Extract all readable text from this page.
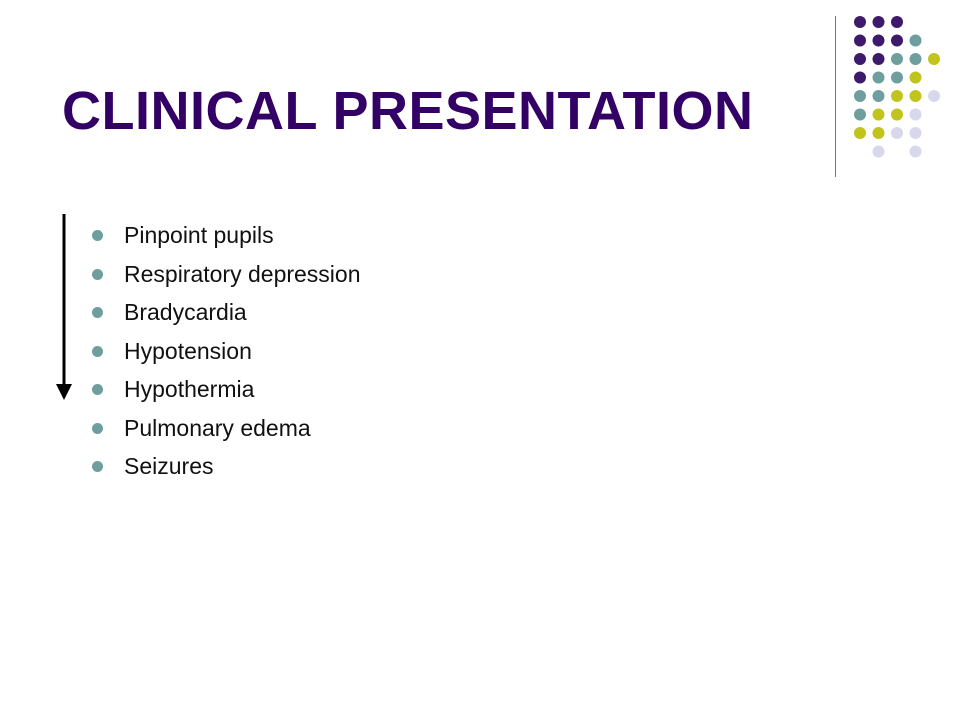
CLINICAL PRESENTATION
Pinpoint pupils
Respiratory depression
Bradycardia
Hypotension
Hypothermia
Pulmonary edema
Seizures
